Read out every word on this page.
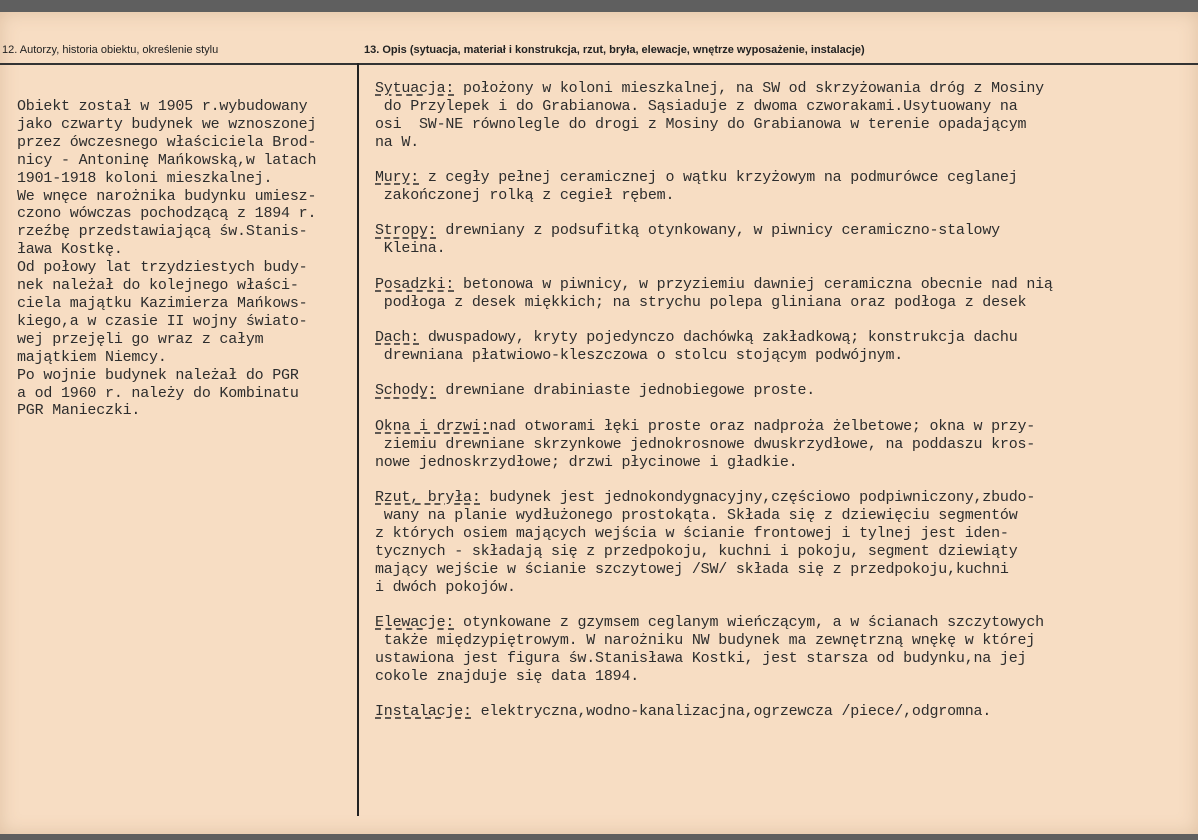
12. Autorzy, historia obiektu, określenie stylu	13. Opis (sytuacja, materiał i konstrukcja, rzut, bryła, elewacje, wnętrze wyposażenie, instalacje)
Obiekt został w 1905 r.wybudowany
jako czwarty budynek we wznoszonej
przez ówczesnego właściciela Brod-
nicy - Antoninę Mańkowską,w latach
1901-1918 koloni mieszkalnej.
We wnęce narożnika budynku umiesz-
czono wówczas pochodzącą z 1894 r.
rzeźbę przedstawiającą św.Stanis-
ława Kostkę.
Od połowy lat trzydziestych budy-
nek należał do kolejnego właści-
ciela majątku Kazimierza Mańkows-
kiego,a w czasie II wojny świato-
wej przejęli go wraz z całym
majątkiem Niemcy.
Po wojnie budynek należał do PGR
a od 1960 r. należy do Kombinatu
PGR Manieczki.
Sytuacja: położony w koloni mieszkalnej, na SW od skrzyżowania dróg z Mosiny
do Przylepek i do Grabianowa. Sąsiaduje z dwoma czworakami.Usytuowany na
osi  SW-NE równolegle do drogi z Mosiny do Grabianowa w terenie opadającym
na W.
Mury: z cegły pełnej ceramicznej o wątku krzyżowym na podmurówce ceglanej
zakończonej rolką z cegieł rębem.
Stropy: drewniany z podsufitką otynkowany, w piwnicy ceramiczno-stalowy
Kleina.
Posadzki: betonowa w piwnicy, w przyziemiu dawniej ceramiczna obecnie nad nią
podłoga z desek miękkich; na strychu polepa gliniana oraz podłoga z desek
Dach: dwuspadowy, kryty pojedynczo dachówką zakładkową; konstrukcja dachu
drewniana płatwiowo-kleszczowa o stolcu stojącym podwójnym.
Schody: drewniane drabiniaste jednobiegowe proste.
Okna i drzwi:nad otworami łęki proste oraz nadproża żelbetowe; okna w przy-
ziemiu drewniane skrzynkowe jednokrosnowe dwuskrzydłowe, na poddaszu kros-
nowe jednoskrzydłowe; drzwi płycinowe i gładkie.
Rzut, bryła: budynek jest jednokondygnacyjny,częściowo podpiwniczony,zbudo-
wany na planie wydłużonego prostokąta. Składa się z dziewięciu segmentów
z których osiem mających wejścia w ścianie frontowej i tylnej jest iden-
tycznych - składają się z przedpokoju, kuchni i pokoju, segment dziewiąty
mający wejście w ścianie szczytowej /SW/ składa się z przedpokoju,kuchni
i dwóch pokojów.
Elewacje: otynkowane z gzymsem ceglanym wieńczącym, a w ścianach szczytowych
także międzypiętrowym. W narożniku NW budynek ma zewnętrzną wnękę w której
ustawiona jest figura św.Stanisława Kostki, jest starsza od budynku,na jej
cokole znajduje się data 1894.
Instalacje: elektryczna,wodno-kanalizacjna,ogrzewcza /piece/,odgromna.
